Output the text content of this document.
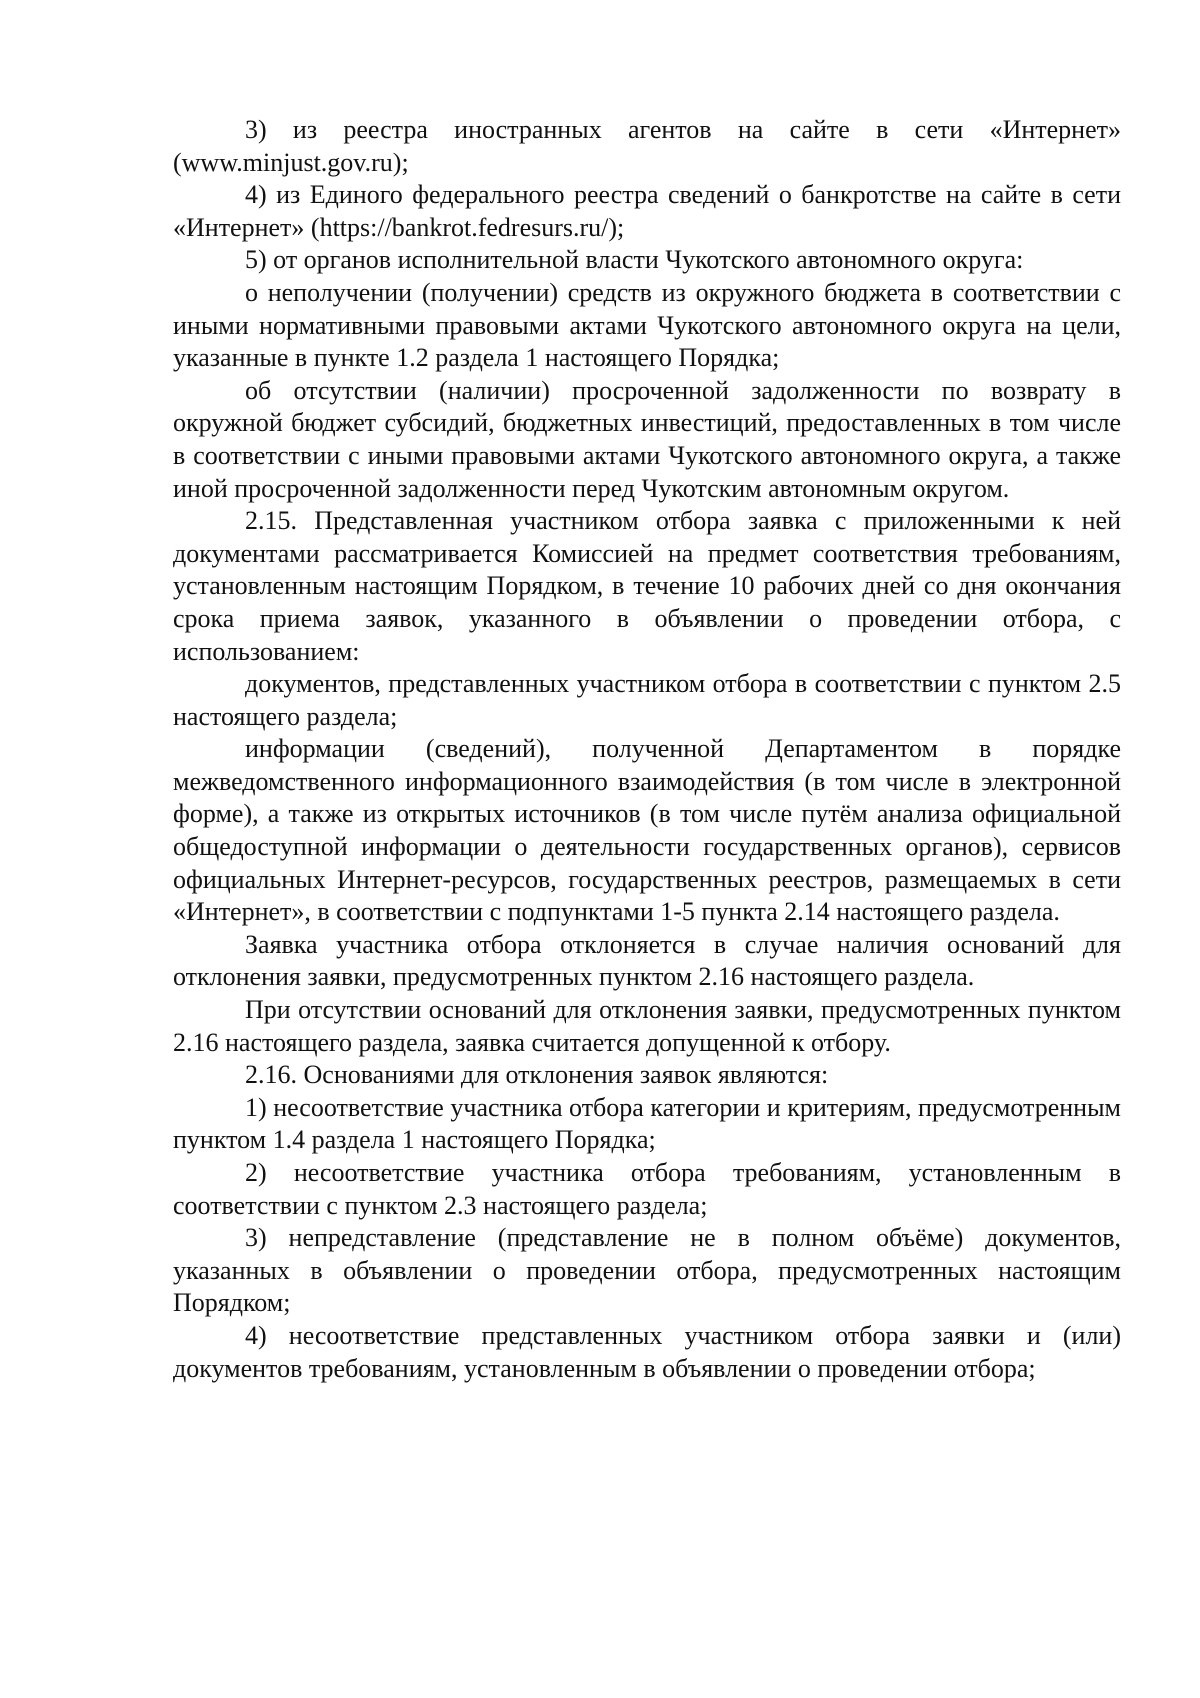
3) из реестра иностранных агентов на сайте в сети «Интернет» (www.minjust.gov.ru);

4) из Единого федерального реестра сведений о банкротстве на сайте в сети «Интернет» (https://bankrot.fedresurs.ru/);

5) от органов исполнительной власти Чукотского автономного округа:

о неполучении (получении) средств из окружного бюджета в соответствии с иными нормативными правовыми актами Чукотского автономного округа на цели, указанные в пункте 1.2 раздела 1 настоящего Порядка;

об отсутствии (наличии) просроченной задолженности по возврату в окружной бюджет субсидий, бюджетных инвестиций, предоставленных в том числе в соответствии с иными правовыми актами Чукотского автономного округа, а также иной просроченной задолженности перед Чукотским автономным округом.

2.15. Представленная участником отбора заявка с приложенными к ней документами рассматривается Комиссией на предмет соответствия требованиям, установленным настоящим Порядком, в течение 10 рабочих дней со дня окончания срока приема заявок, указанного в объявлении о проведении отбора, с использованием:

документов, представленных участником отбора в соответствии с пунктом 2.5 настоящего раздела;

информации (сведений), полученной Департаментом в порядке межведомственного информационного взаимодействия (в том числе в электронной форме), а также из открытых источников (в том числе путём анализа официальной общедоступной информации о деятельности государственных органов), сервисов официальных Интернет-ресурсов, государственных реестров, размещаемых в сети «Интернет», в соответствии с подпунктами 1-5 пункта 2.14 настоящего раздела.

Заявка участника отбора отклоняется в случае наличия оснований для отклонения заявки, предусмотренных пунктом 2.16 настоящего раздела.

При отсутствии оснований для отклонения заявки, предусмотренных пунктом 2.16 настоящего раздела, заявка считается допущенной к отбору.

2.16. Основаниями для отклонения заявок являются:

1) несоответствие участника отбора категории и критериям, предусмотренным пунктом 1.4 раздела 1 настоящего Порядка;

2) несоответствие участника отбора требованиям, установленным в соответствии с пунктом 2.3 настоящего раздела;

3) непредставление (представление не в полном объёме) документов, указанных в объявлении о проведении отбора, предусмотренных настоящим Порядком;

4) несоответствие представленных участником отбора заявки и (или) документов требованиям, установленным в объявлении о проведении отбора;
